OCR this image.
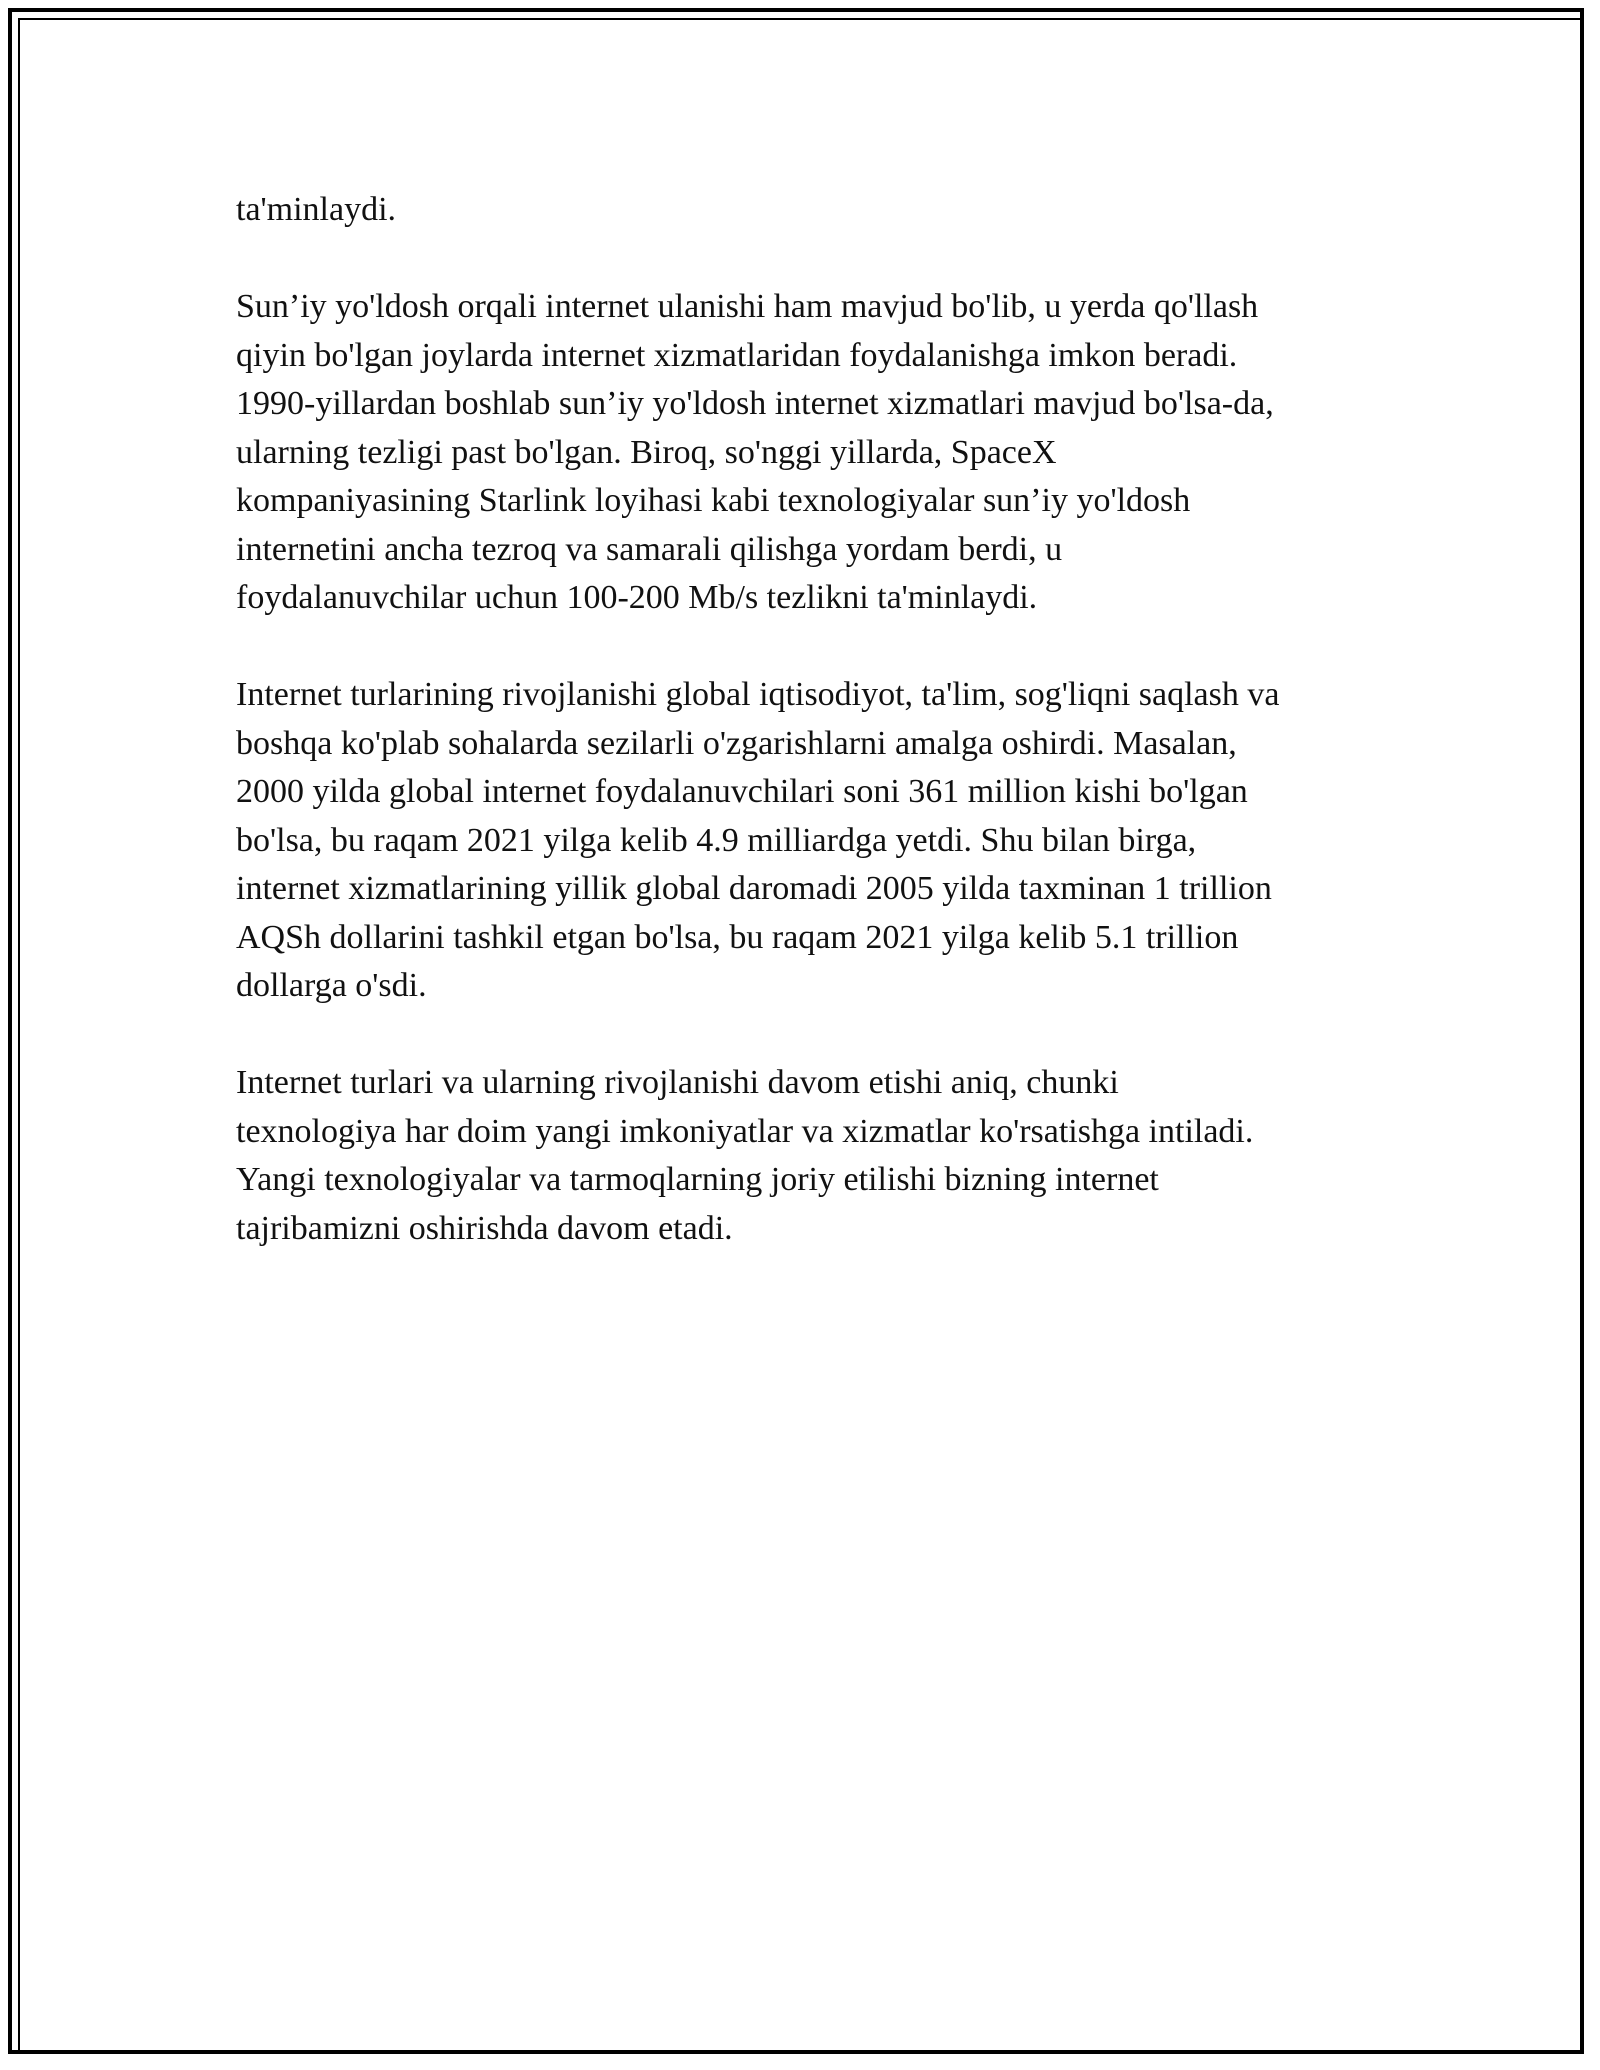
ta'minlaydi.

Sun’iy yo'ldosh orqali internet ulanishi ham mavjud bo'lib, u yerda qo'llash

qiyin bo'lgan joylarda internet xizmatlaridan foydalanishga imkon beradi.

1990-yillardan boshlab sun’iy yo'ldosh internet xizmatlari mavjud bo'lsa-da,

ularning tezligi past bo'lgan. Biroq, so'nggi yillarda, SpaceX

kompaniyasining Starlink loyihasi kabi texnologiyalar sun’iy yo'ldosh

internetini ancha tezroq va samarali qilishga yordam berdi, u

foydalanuvchilar uchun 100-200 Mb/s tezlikni ta'minlaydi.

Internet turlarining rivojlanishi global iqtisodiyot, ta'lim, sog'liqni saqlash va

boshqa ko'plab sohalarda sezilarli o'zgarishlarni amalga oshirdi. Masalan,

2000 yilda global internet foydalanuvchilari soni 361 million kishi bo'lgan

bo'lsa, bu raqam 2021 yilga kelib 4.9 milliardga yetdi. Shu bilan birga,

internet xizmatlarining yillik global daromadi 2005 yilda taxminan 1 trillion

AQSh dollarini tashkil etgan bo'lsa, bu raqam 2021 yilga kelib 5.1 trillion

dollarga o'sdi.

Internet turlari va ularning rivojlanishi davom etishi aniq, chunki

texnologiya har doim yangi imkoniyatlar va xizmatlar ko'rsatishga intiladi.

Yangi texnologiyalar va tarmoqlarning joriy etilishi bizning internet

tajribamizni oshirishda davom etadi.
